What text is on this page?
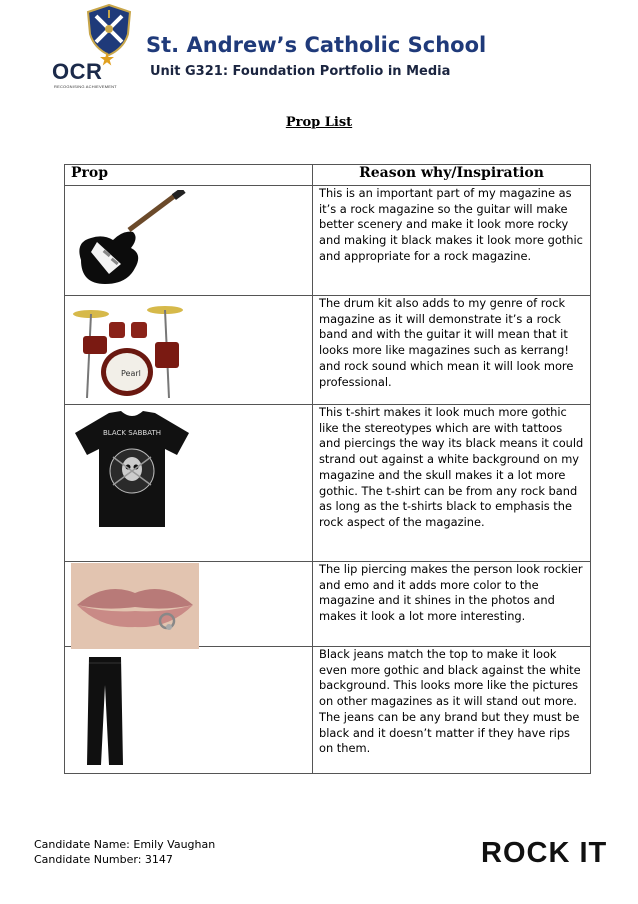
OCR
RECOGNISING ACHIEVEMENT
St. Andrew’s Catholic School
Unit G321: Foundation Portfolio in Media
Prop List
Prop	Reason why/Inspiration

	This is an important part of my magazine as it’s a rock magazine so the guitar will make better scenery and make it look more rocky and making it black makes it look more gothic and appropriate for a rock magazine.

Pearl	The drum kit also adds to my genre of rock magazine as it will demonstrate it’s a rock band and with the guitar it will mean that it looks more like magazines such as kerrang! and rock sound which mean it will look more professional.

BLACK SABBATH	This t-shirt makes it look much more gothic like the stereotypes which are with tattoos and piercings the way its black means it could strand out against a white background on my magazine and the skull makes it a lot more gothic. The t-shirt can be from any rock band as long as the t-shirts black to emphasis the rock aspect of the magazine.

	The lip piercing makes the person look rockier and emo and it adds more color to the magazine and it shines in the photos and makes it look a lot more interesting.

	Black jeans match the top to make it look even more gothic and black against the white background. This looks more like the pictures on other magazines as it will stand out more. The jeans can be any brand but they must be black and it doesn’t matter if they have rips on them.
Candidate Name: Emily Vaughan
Candidate Number: 3147	ROCK IT
